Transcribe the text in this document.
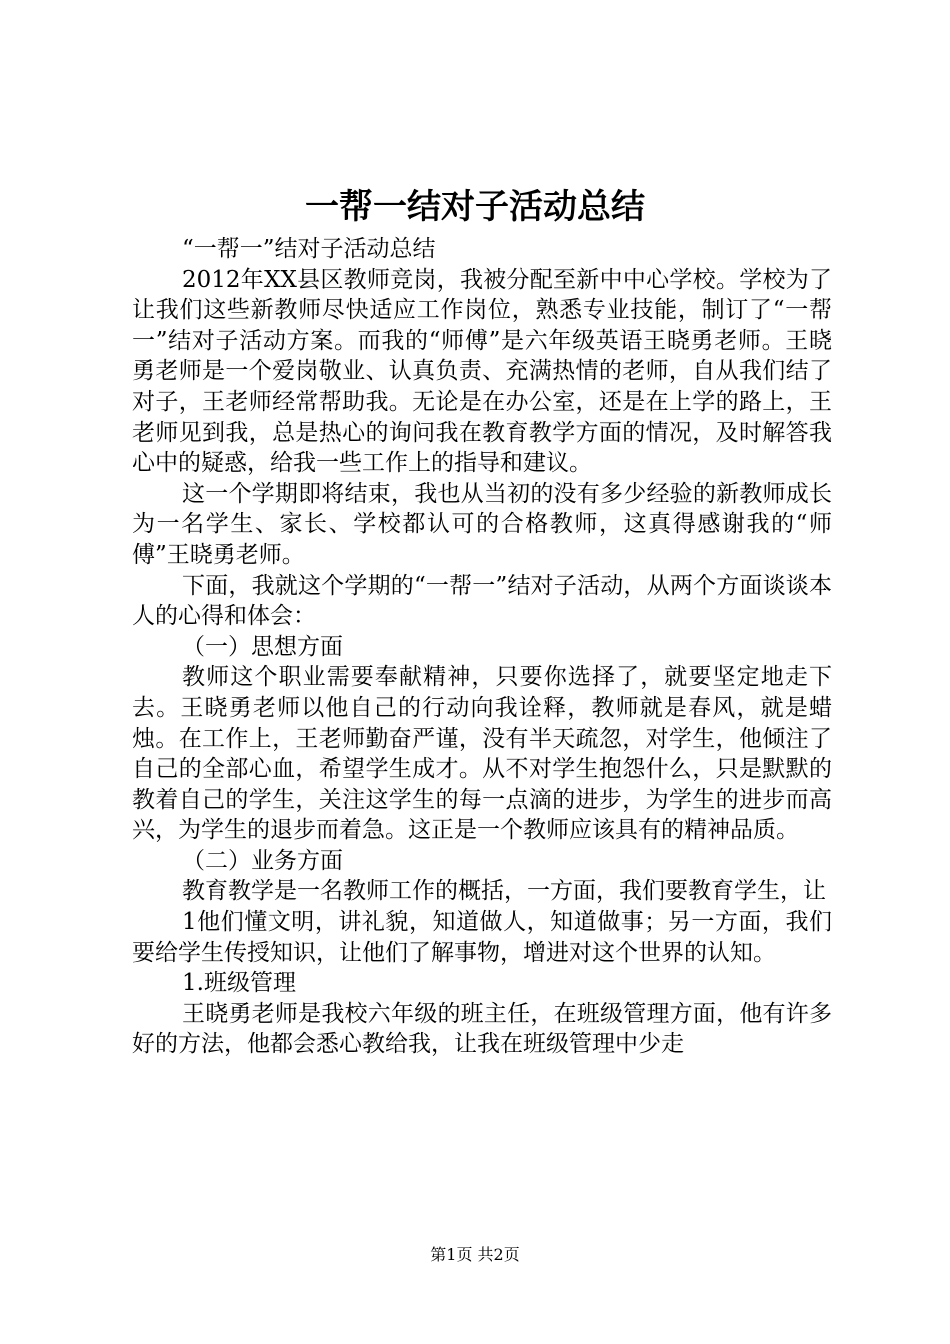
一帮一结对子活动总结

“一帮一”结对子活动总结

2012年XX县区教师竞岗，我被分配至新中中心学校。学校为了让我们这些新教师尽快适应工作岗位，熟悉专业技能，制订了“一帮一”结对子活动方案。而我的“师傅”是六年级英语王晓勇老师。王晓勇老师是一个爱岗敬业、认真负责、充满热情的老师，自从我们结了对子，王老师经常帮助我。无论是在办公室，还是在上学的路上，王老师见到我，总是热心的询问我在教育教学方面的情况，及时解答我心中的疑惑，给我一些工作上的指导和建议。

这一个学期即将结束，我也从当初的没有多少经验的新教师成长为一名学生、家长、学校都认可的合格教师，这真得感谢我的“师傅”王晓勇老师。

下面，我就这个学期的“一帮一”结对子活动，从两个方面谈谈本人的心得和体会：

（一）思想方面

教师这个职业需要奉献精神，只要你选择了，就要坚定地走下去。王晓勇老师以他自己的行动向我诠释，教师就是春风，就是蜡烛。在工作上，王老师勤奋严谨，没有半天疏忽，对学生，他倾注了自己的全部心血，希望学生成才。从不对学生抱怨什么，只是默默的教着自己的学生，关注这学生的每一点滴的进步，为学生的进步而高兴，为学生的退步而着急。这正是一个教师应该具有的精神品质。

（二）业务方面

教育教学是一名教师工作的概括，一方面，我们要教育学生，让

1他们懂文明，讲礼貌，知道做人，知道做事；另一方面，我们要给学生传授知识，让他们了解事物，增进对这个世界的认知。

1.班级管理

王晓勇老师是我校六年级的班主任，在班级管理方面，他有许多好的方法，他都会悉心教给我，让我在班级管理中少走

第1页 共2页
